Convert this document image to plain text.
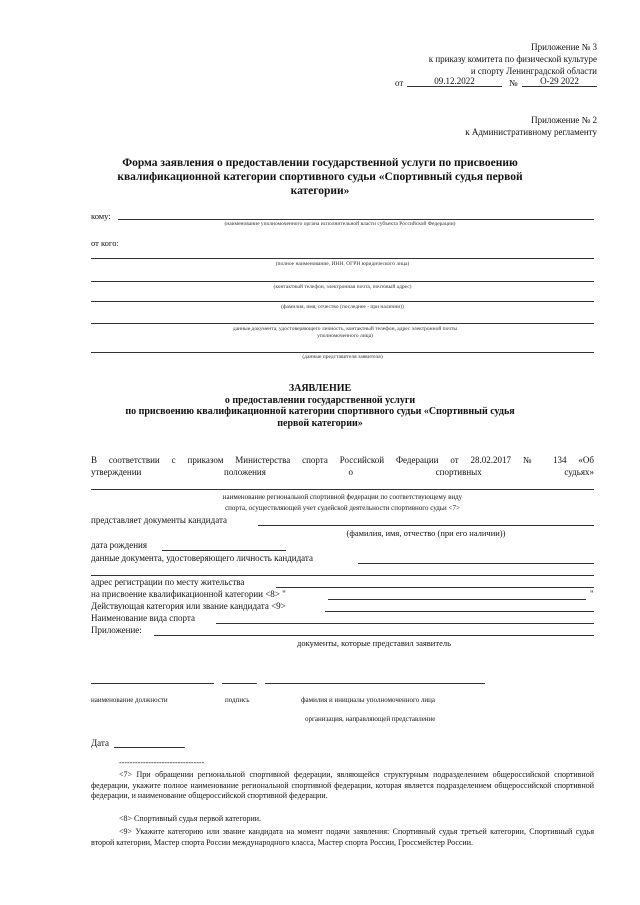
Приложение № 3
к приказу комитета по физической культуре
и спорту Ленинградской области
от	09.12.2022	№	О-29 2022
Приложение № 2
к Административному регламенту
Форма заявления о предоставлении государственной услуги по присвоению квалификационной категории спортивного судьи «Спортивный судья первой категории»
кому:
(наименование уполномоченного органа исполнительной власти субъекта Российской Федерации)
от кого:
(полное наименование, ИНН, ОГРН юридического лица)
(контактный телефон, электронная почта, почтовый адрес)
(фамилия, имя, отчество (последнее - при наличии))
данные документа, удостоверяющего личность, контактный телефон, адрес электронной почты уполномоченного лица)
(данные представителя заявителя)
ЗАЯВЛЕНИЕ
о предоставлении государственной услуги
по присвоению квалификационной категории спортивного судьи «Спортивный судья первой категории»
В соответствии с приказом Министерства спорта Российской Федерации от 28.02.2017 № 134 «Об
утверждении положения о спортивных судьях»
наименование региональной спортивной федерации по соответствующему виду
спорта, осуществляющей учет судейской деятельности спортивного судьи <7>
представляет документы кандидата
(фамилия, имя, отчество (при его наличии))
дата рождения
данные документа, удостоверяющего личность кандидата
адрес регистрации по месту жительства
на присвоение квалификационной категории <8> "	"
Действующая категория или звание кандидата <9>
Наименование вида спорта
Приложение:
документы, которые представил заявитель
наименование должности	подпись	фамилия и инициалы уполномоченного лица
организация, направляющей представление
Дата
--------------------------------
<7> При обращении региональной спортивной федерации, являющейся структурным подразделением общероссийской спортивной федерации, укажите полное наименование региональной спортивной федерации, которая является подразделением общероссийской спортивной федерации, и наименование общероссийской спортивной федерации.
<8> Спортивный судья первой категории.
<9> Укажите категорию или звание кандидата на момент подачи заявления: Спортивный судья третьей категории, Спортивный судья второй категории, Мастер спорта России международного класса, Мастер спорта России, Гроссмейстер России.
